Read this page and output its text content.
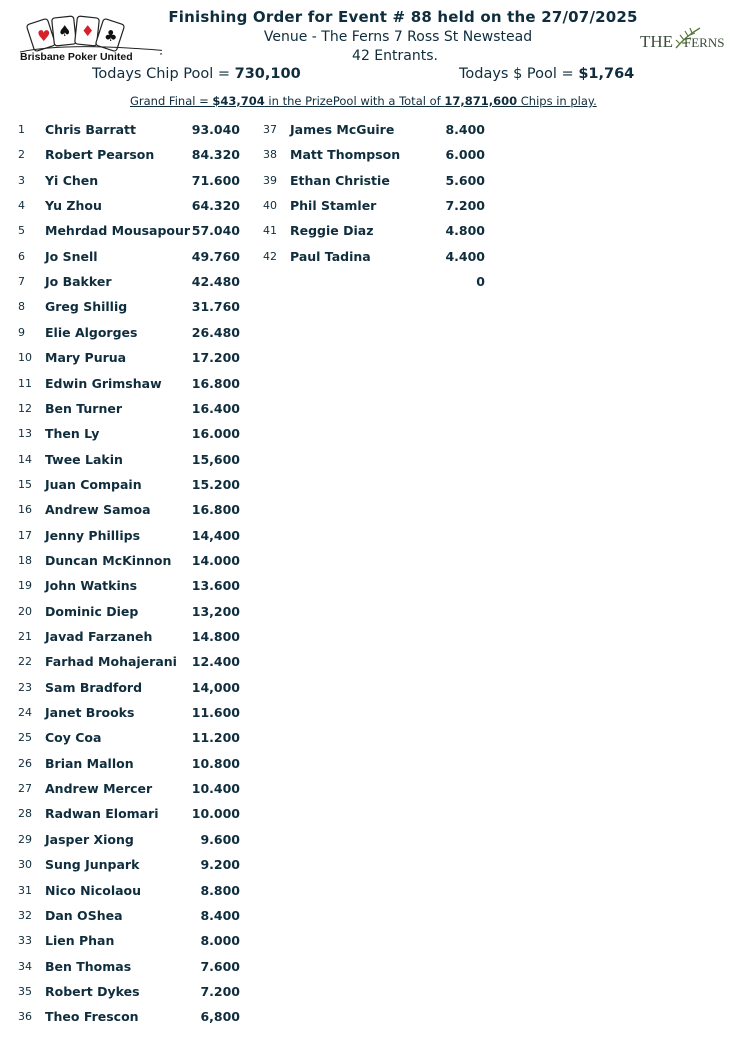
♥ ♠ ♦ ♣
Brisbane Poker United
THE FERNS
Finishing Order for Event # 88 held on the 27/07/2025
Venue - The Ferns 7 Ross St Newstead
42 Entrants.
Todays Chip Pool = 730,100	Todays $ Pool = $1,764
Grand Final = $43,704 in the PrizePool with a Total of 17,871,600 Chips in play.
1	Chris Barratt	93.040
2	Robert Pearson	84.320
3	Yi Chen	71.600
4	Yu Zhou	64.320
5	Mehrdad Mousapour 57.040
6	Jo Snell	49.760
7	Jo Bakker	42.480
8	Greg Shillig	31.760
9	Elie Algorges	26.480
10	Mary Purua	17.200
11	Edwin Grimshaw 16.800
12	Ben Turner	16.400
13	Then Ly	16.000
14	Twee Lakin	15,600
15	Juan Compain	15.200
16	Andrew Samoa	16.800
17	Jenny Phillips	14,400
18	Duncan McKinnon 14.000
19	John Watkins	13.600
20	Dominic Diep	13,200
21	Javad Farzaneh	14.800
22	Farhad Mohajerani 12.400
23	Sam Bradford	14,000
24	Janet Brooks	11.600
25	Coy Coa	11.200
26	Brian Mallon	10.800
27	Andrew Mercer	10.400
28	Radwan Elomari	10.000
29	Jasper Xiong	9.600
30	Sung Junpark	9.200
31	Nico Nicolaou	8.800
32	Dan OShea	8.400
33	Lien Phan	8.000
34	Ben Thomas	7.600
35	Robert Dykes	7.200
36	Theo Frescon	6,800
37	James McGuire	8.400
38	Matt Thompson	6.000
39	Ethan Christie	5.600
40	Phil Stamler	7.200
41	Reggie Diaz	4.800
42	Paul Tadina	4.400
0
